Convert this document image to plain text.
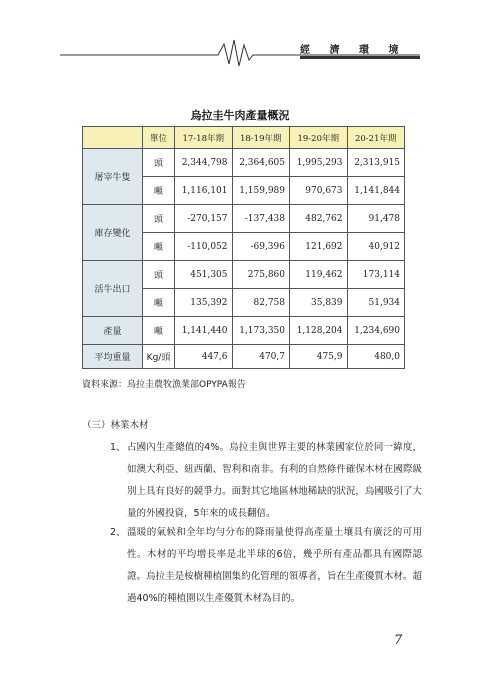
經 濟 環 境
烏拉圭牛肉產量概況
	單位	17-18年期	18-19年期	19-20年期	20-21年期
屠宰牛隻	頭	2,344,798	2,364,605	1,995,293	2,313,915
	噸	1,116,101	1,159,989	970,673	1,141,844
庫存變化	頭	-270,157	-137,438	482,762	91,478
	噸	-110,052	-69,396	121,692	40,912
活牛出口	頭	451,305	275,860	119,462	173,114
	噸	135,392	82,758	35,839	51,934
產量	噸	1,141,440	1,173,350	1,128,204	1,234,690
平均重量	Kg/頭	447,6	470,7	475,9	480,0
資料來源：烏拉圭農牧漁業部OPYPA報告
（三）林業木材
1、 占國內生產總值的4%。烏拉圭與世界主要的林業國家位於同一緯度，如澳大利亞、紐西蘭、智利和南非。有利的自然條件確保木材在國際級別上具有良好的競爭力。面對其它地區林地稀缺的狀況，烏國吸引了大量的外國投資，5年來的成長翻倍。
2、 溫暖的氣候和全年均勻分布的降雨量使得高產量土壤具有廣泛的可用性。木材的平均增長率是北半球的6倍，幾乎所有產品都具有國際認證。烏拉圭是桉樹種植園集約化管理的領導者，旨在生產優質木材。超過40%的種植園以生產優質木材為目的。
7
